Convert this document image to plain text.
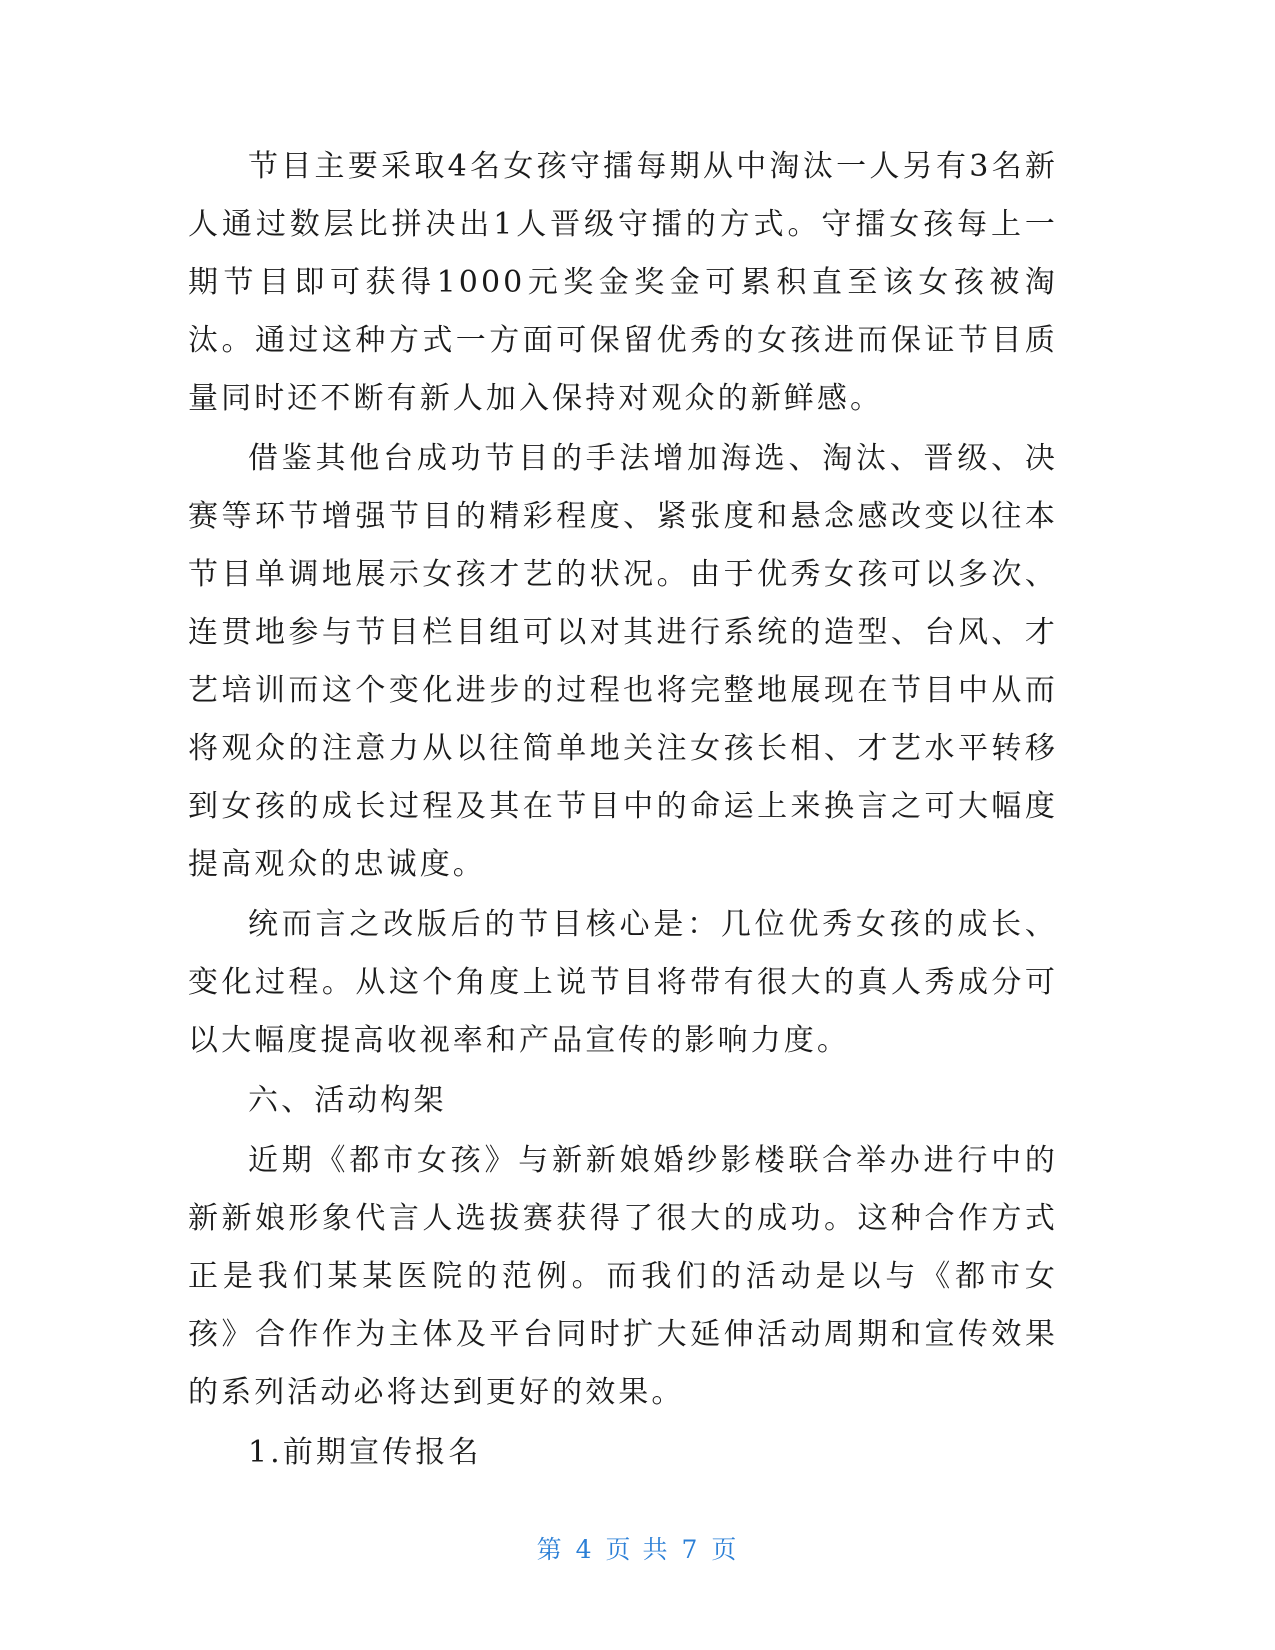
节目主要采取4名女孩守擂每期从中淘汰一人另有3名新人通过数层比拼决出1人晋级守擂的方式。守擂女孩每上一期节目即可获得1000元奖金奖金可累积直至该女孩被淘汰。通过这种方式一方面可保留优秀的女孩进而保证节目质量同时还不断有新人加入保持对观众的新鲜感。

借鉴其他台成功节目的手法增加海选、淘汰、晋级、决赛等环节增强节目的精彩程度、紧张度和悬念感改变以往本节目单调地展示女孩才艺的状况。由于优秀女孩可以多次、连贯地参与节目栏目组可以对其进行系统的造型、台风、才艺培训而这个变化进步的过程也将完整地展现在节目中从而将观众的注意力从以往简单地关注女孩长相、才艺水平转移到女孩的成长过程及其在节目中的命运上来换言之可大幅度提高观众的忠诚度。

统而言之改版后的节目核心是：几位优秀女孩的成长、变化过程。从这个角度上说节目将带有很大的真人秀成分可以大幅度提高收视率和产品宣传的影响力度。

六、活动构架

近期《都市女孩》与新新娘婚纱影楼联合举办进行中的新新娘形象代言人选拔赛获得了很大的成功。这种合作方式正是我们某某医院的范例。而我们的活动是以与《都市女孩》合作作为主体及平台同时扩大延伸活动周期和宣传效果的系列活动必将达到更好的效果。

1.前期宣传报名

第 4 页 共 7 页
